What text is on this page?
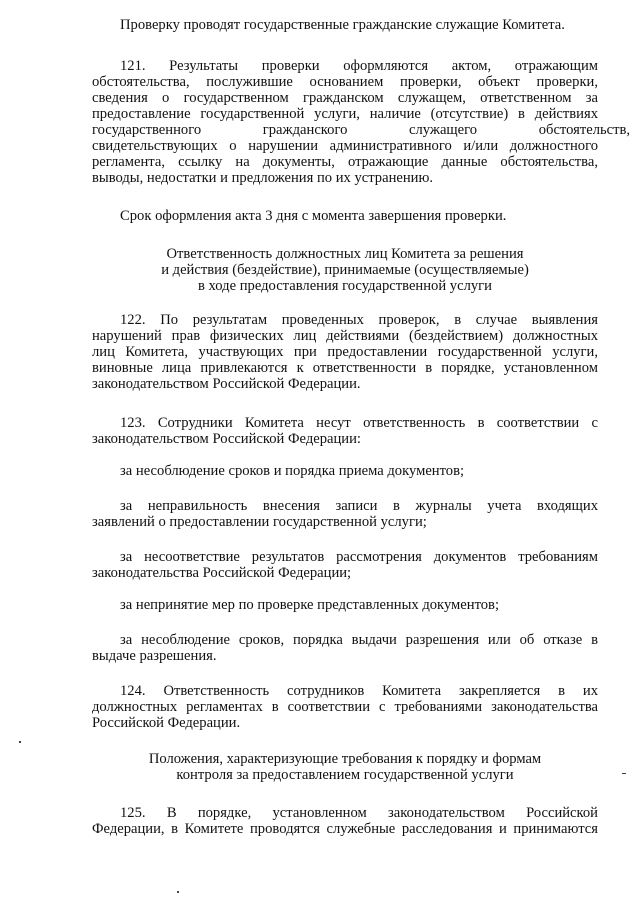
Проверку проводят государственные гражданские служащие Комитета.
121. Результаты проверки оформляются актом, отражающим
обстоятельства, послужившие основанием проверки, объект проверки,
сведения о государственном гражданском служащем, ответственном за
предоставление государственной услуги, наличие (отсутствие) в действиях
государственного гражданского служащего обстоятельств,
свидетельствующих о нарушении административного и/или должностного
регламента, ссылку на документы, отражающие данные обстоятельства,
выводы, недостатки и предложения по их устранению.
Срок оформления акта 3 дня с момента завершения проверки.
Ответственность должностных лиц Комитета за решения
и действия (бездействие), принимаемые (осуществляемые)
в ходе предоставления государственной услуги
122. По результатам проведенных проверок, в случае выявления
нарушений прав физических лиц действиями (бездействием) должностных
лиц Комитета, участвующих при предоставлении государственной услуги,
виновные лица привлекаются к ответственности в порядке, установленном
законодательством Российской Федерации.
123. Сотрудники Комитета несут ответственность в соответствии с
законодательством Российской Федерации:
за несоблюдение сроков и порядка приема документов;
за неправильность внесения записи в журналы учета входящих
заявлений о предоставлении государственной услуги;
за несоответствие результатов рассмотрения документов требованиям
законодательства Российской Федерации;
за непринятие мер по проверке представленных документов;
за несоблюдение сроков, порядка выдачи разрешения или об отказе в
выдаче разрешения.
124. Ответственность сотрудников Комитета закрепляется в их
должностных регламентах в соответствии с требованиями законодательства
Российской Федерации.
Положения, характеризующие требования к порядку и формам
контроля за предоставлением государственной услуги
125. В порядке, установленном законодательством Российской
Федерации, в Комитете проводятся служебные расследования и принимаются
